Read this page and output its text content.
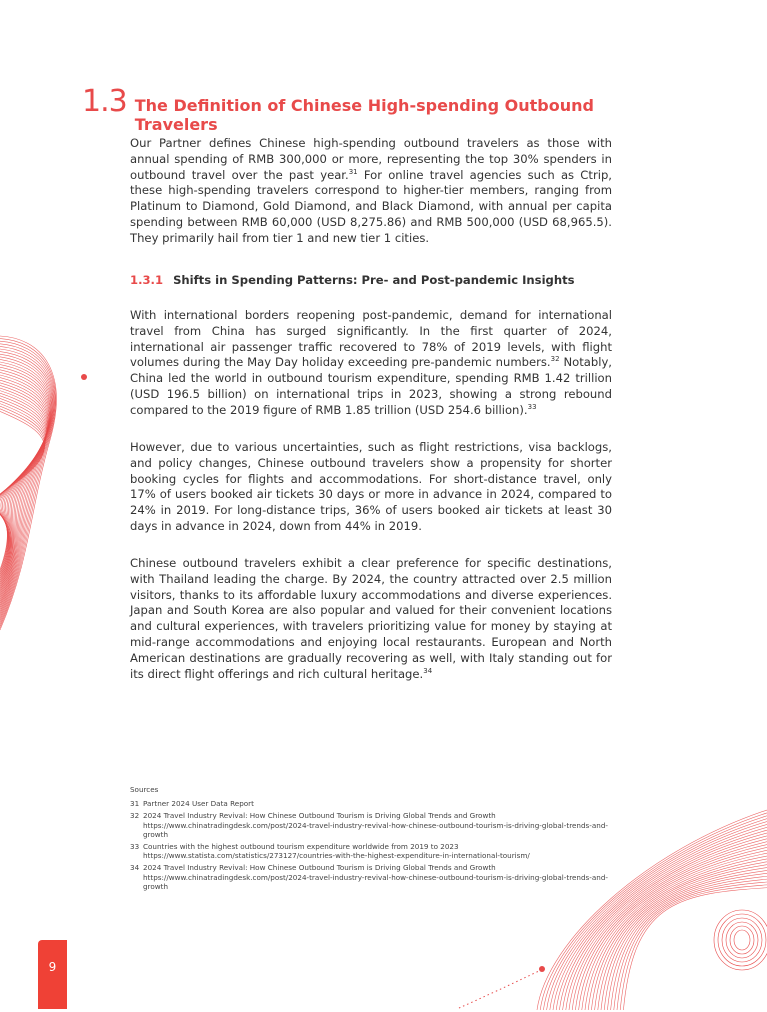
1.3 The Definition of Chinese High-spending Outbound Travelers

Our Partner defines Chinese high-spending outbound travelers as those with annual spending of RMB 300,000 or more, representing the top 30% spenders in outbound travel over the past year.$^{31}$ For online travel agencies such as Ctrip, these high-spending travelers correspond to higher-tier members, ranging from Platinum to Diamond, Gold Diamond, and Black Diamond, with annual per capita spending between RMB 60,000 (USD 8,275.86) and RMB 500,000 (USD 68,965.5). They primarily hail from tier 1 and new tier 1 cities.

1.3.1 Shifts in Spending Patterns: Pre- and Post-pandemic Insights

With international borders reopening post-pandemic, demand for international travel from China has surged significantly. In the first quarter of 2024, international air passenger traffic recovered to 78% of 2019 levels, with flight volumes during the May Day holiday exceeding pre-pandemic numbers.$^{32}$ Notably, China led the world in outbound tourism expenditure, spending RMB 1.42 trillion (USD 196.5 billion) on international trips in 2023, showing a strong rebound compared to the 2019 figure of RMB 1.85 trillion (USD 254.6 billion).$^{33}$

However, due to various uncertainties, such as flight restrictions, visa backlogs, and policy changes, Chinese outbound travelers show a propensity for shorter booking cycles for flights and accommodations. For short-distance travel, only 17% of users booked air tickets 30 days or more in advance in 2024, compared to 24% in 2019. For long-distance trips, 36% of users booked air tickets at least 30 days in advance in 2024, down from 44% in 2019.

Chinese outbound travelers exhibit a clear preference for specific destinations, with Thailand leading the charge. By 2024, the country attracted over 2.5 million visitors, thanks to its affordable luxury accommodations and diverse experiences. Japan and South Korea are also popular and valued for their convenient locations and cultural experiences, with travelers prioritizing value for money by staying at mid-range accommodations and enjoying local restaurants. European and North American destinations are gradually recovering as well, with Italy standing out for its direct flight offerings and rich cultural heritage.$^{34}$

Sources
31 Partner 2024 User Data Report
32 2024 Travel Industry Revival: How Chinese Outbound Tourism is Driving Global Trends and Growth
https://www.chinatradingdesk.com/post/2024-travel-industry-revival-how-chinese-outbound-tourism-is-driving-global-trends-and-growth
33 Countries with the highest outbound tourism expenditure worldwide from 2019 to 2023
https://www.statista.com/statistics/273127/countries-with-the-highest-expenditure-in-international-tourism/
34 2024 Travel Industry Revival: How Chinese Outbound Tourism is Driving Global Trends and Growth
https://www.chinatradingdesk.com/post/2024-travel-industry-revival-how-chinese-outbound-tourism-is-driving-global-trends-and-growth
9
